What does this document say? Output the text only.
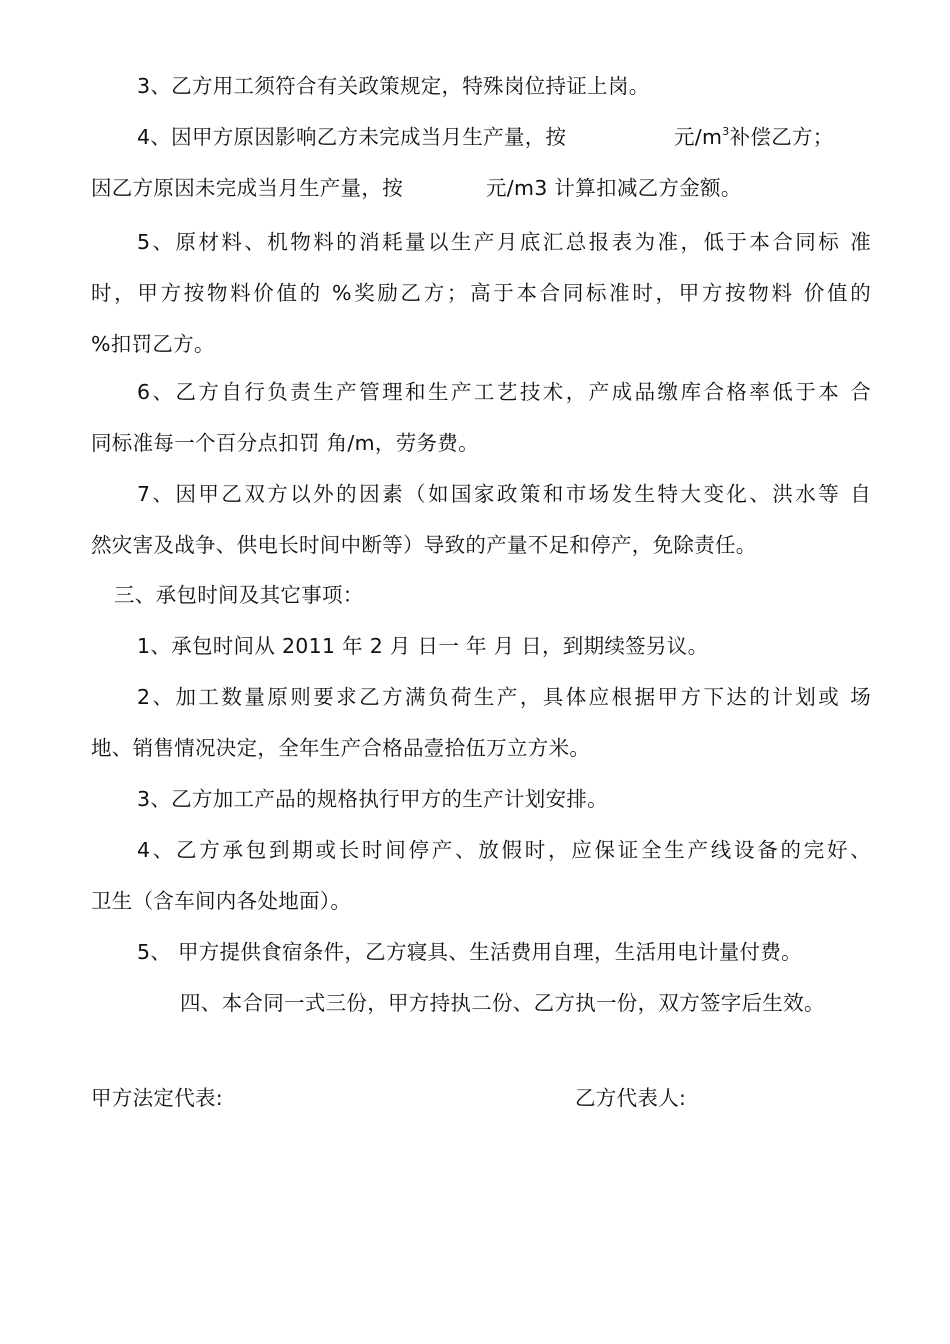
3、乙方用工须符合有关政策规定，特殊岗位持证上岗。
4、因甲方原因影响乙方未完成当月生产量，按	元$/m^3$补偿乙方；
因乙方原因未完成当月生产量，按	元/m3 计算扣减乙方金额。
5、原材料、机物料的消耗量以生产月底汇总报表为准，低于本合同标 准
时，甲方按物料价值的 %奖励乙方；高于本合同标准时，甲方按物料 价值的
%扣罚乙方。
6、乙方自行负责生产管理和生产工艺技术，产成品缴库合格率低于本 合
同标准每一个百分点扣罚 角/m，劳务费。
7、因甲乙双方以外的因素（如国家政策和市场发生特大变化、洪水等 自
然灾害及战争、供电长时间中断等）导致的产量不足和停产，免除责任。
三、承包时间及其它事项：
1、承包时间从 2011 年 2 月 日一 年 月 日，到期续签另议。
2、加工数量原则要求乙方满负荷生产，具体应根据甲方下达的计划或 场
地、销售情况决定，全年生产合格品壹拾伍万立方米。
3、乙方加工产品的规格执行甲方的生产计划安排。
4、乙方承包到期或长时间停产、放假时，应保证全生产线设备的完好、
卫生（含车间内各处地面）。
5、 甲方提供食宿条件，乙方寝具、生活费用自理，生活用电计量付费。
四、本合同一式三份，甲方持执二份、乙方执一份，双方签字后生效。
甲方法定代表:	乙方代表人:
